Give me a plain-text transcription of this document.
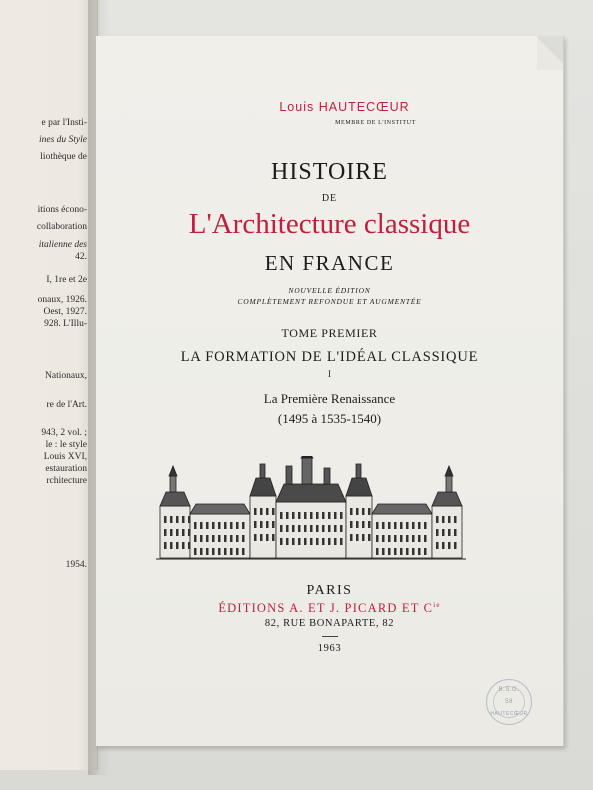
e par l'Insti-
ines du Style
liothèque de
itions écono-
collaboration
italienne des
42.
I, 1re et 2e
onaux, 1926.
Oest, 1927.
928. L'Illu-
Nationaux,
re de l'Art.
943, 2 vol. ;
le : le style
Louis XVI,
estauration
rchitecture
1954.
Louis HAUTECŒUR
MEMBRE DE L'INSTITUT
HISTOIRE
DE
L'Architecture classique
EN FRANCE
NOUVELLE ÉDITION
COMPLÈTEMENT REFONDUE ET AUGMENTÉE
TOME PREMIER
LA FORMATION DE L'IDÉAL CLASSIQUE
I
La Première Renaissance
(1495 à 1535-1540)
PARIS
ÉDITIONS A. ET J. PICARD ET $C^{ie}$
82, RUE BONAPARTE, 82
1963
B.S.G.
58
HAUTECŒUR
